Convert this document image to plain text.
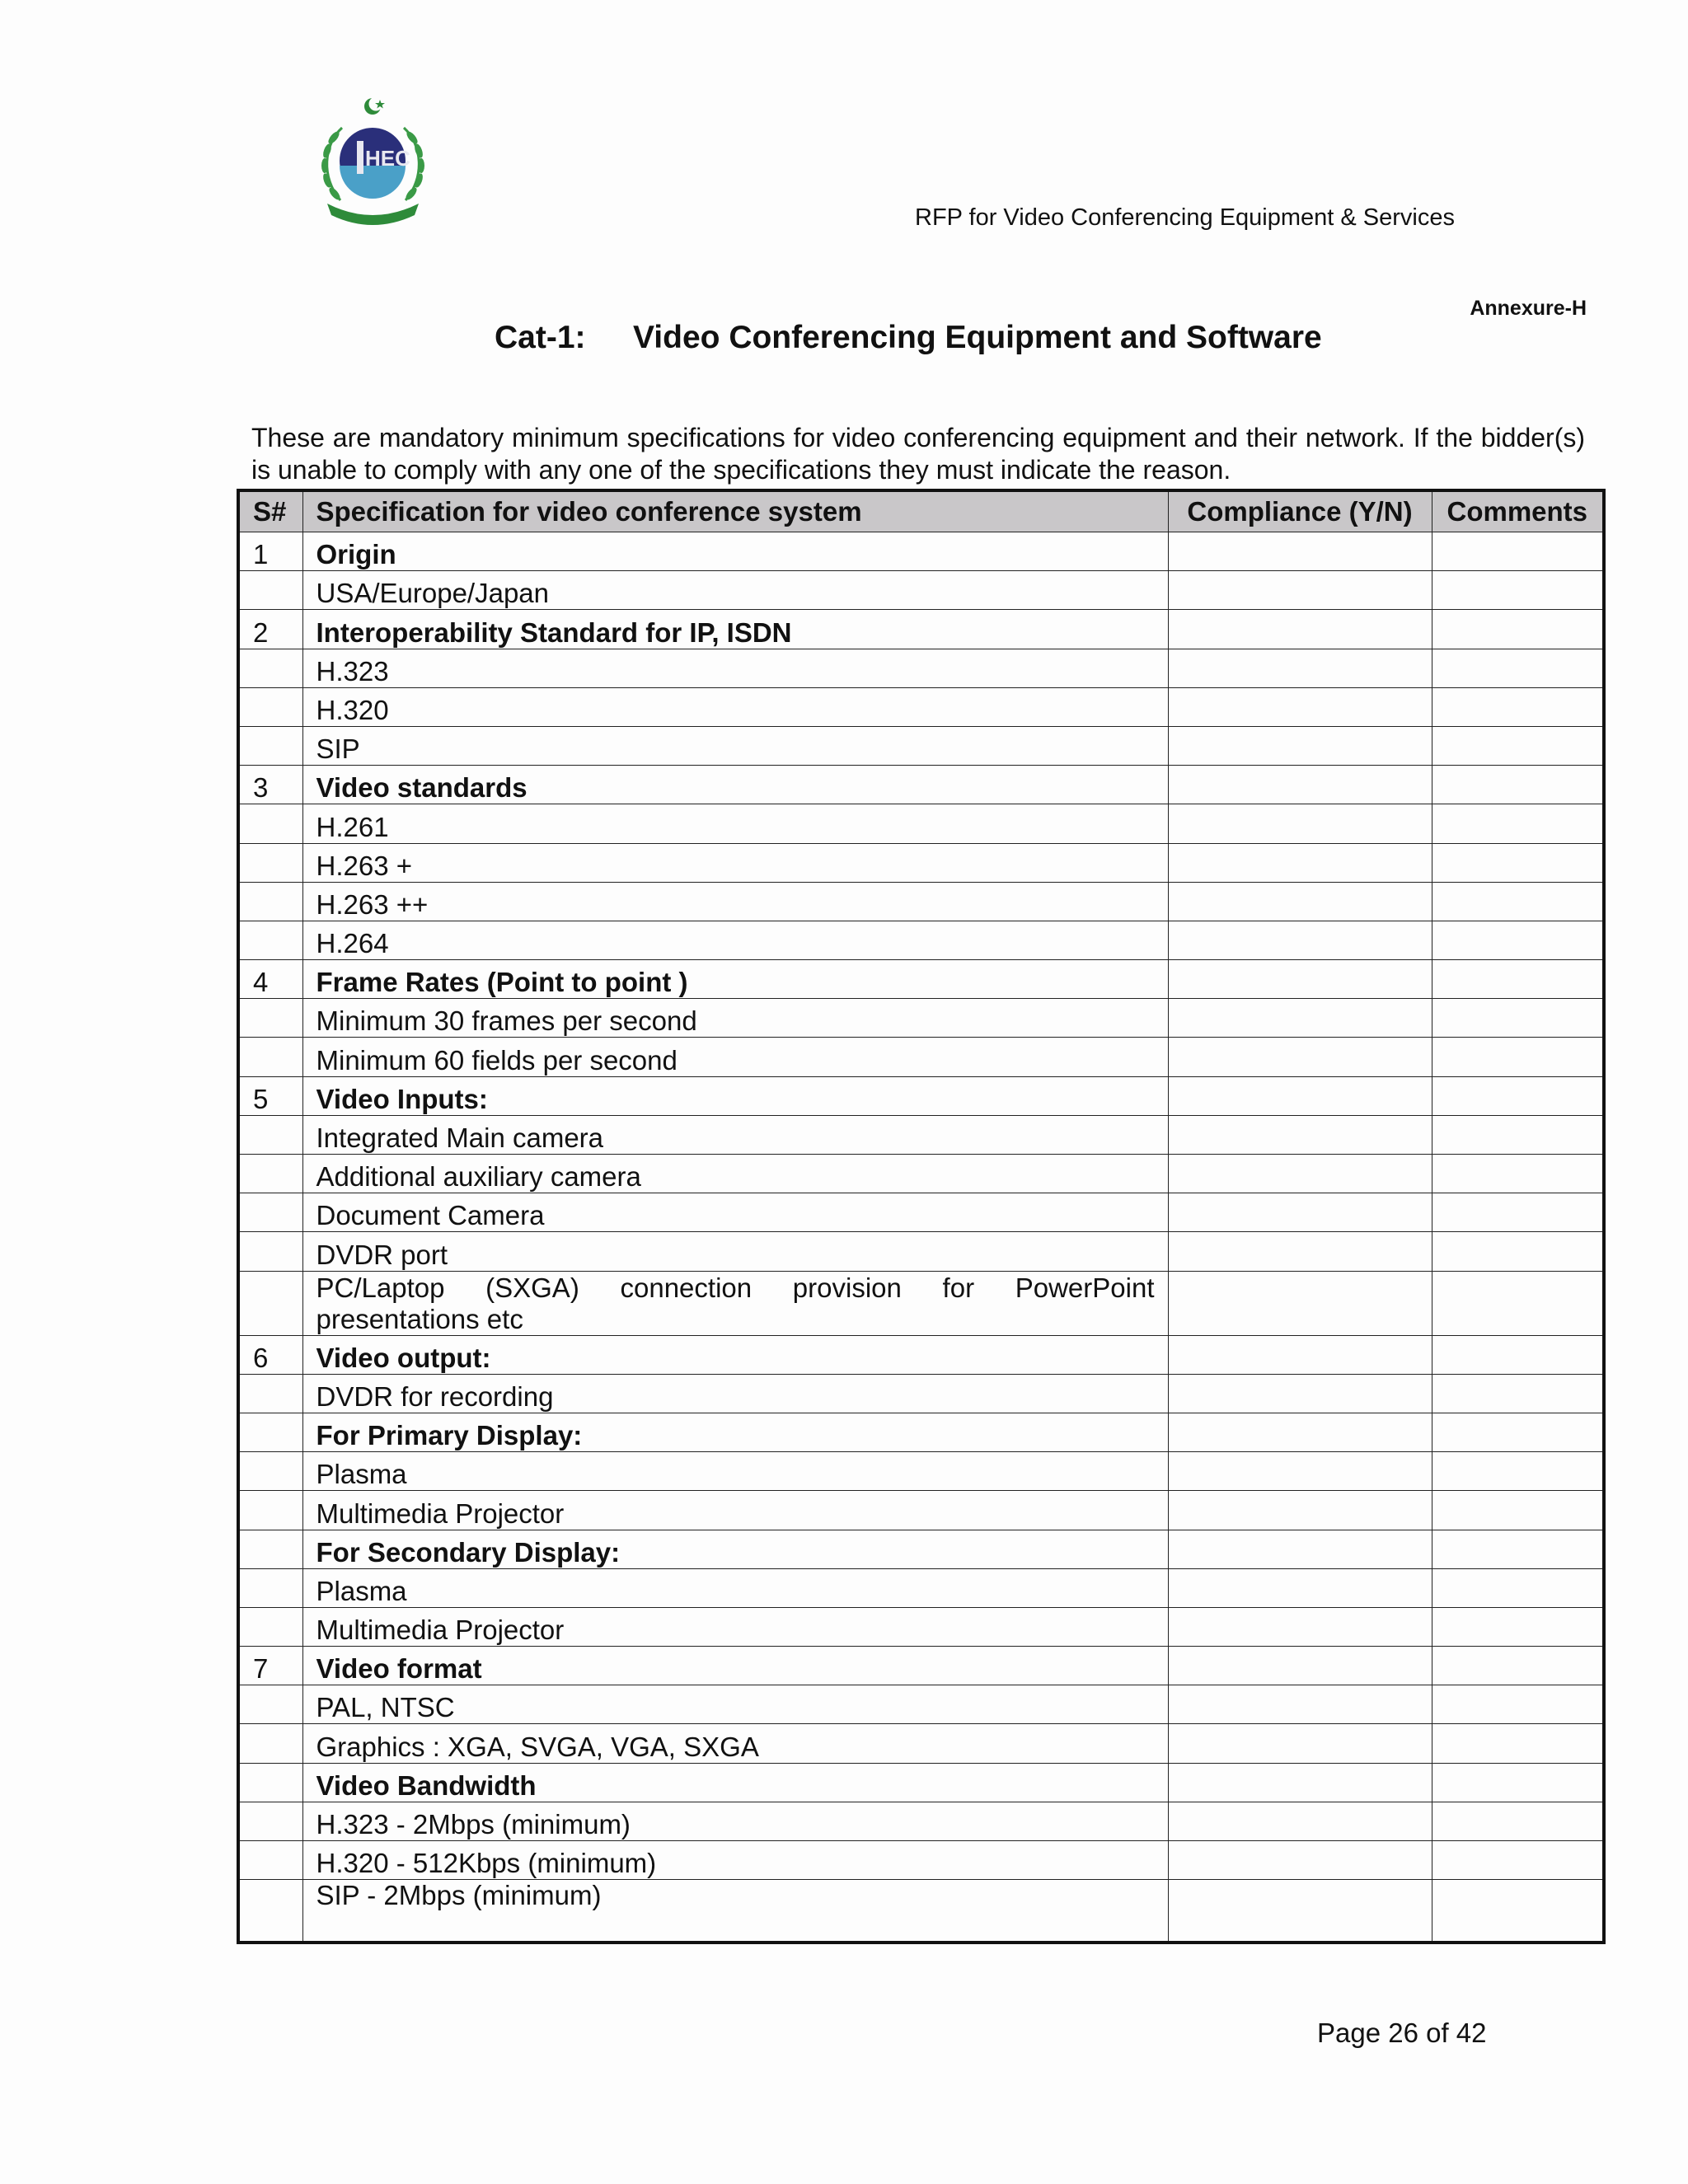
HEC
RFP for Video Conferencing Equipment & Services
Annexure-H
Cat-1: Video Conferencing Equipment and Software
These are mandatory minimum specifications for video conferencing equipment and their network. If the bidder(s) is unable to comply with any one of the specifications they must indicate the reason.
S#	Specification for video conference system	Compliance (Y/N)	Comments
1	Origin		
	USA/Europe/Japan		
2	Interoperability Standard for IP, ISDN		
	H.323		
	H.320		
	SIP		
3	Video standards		
	H.261		
	H.263 +		
	H.263 ++		
	H.264		
4	Frame Rates (Point to point )		
	Minimum 30 frames per second		
	Minimum 60 fields per second		
5	Video Inputs:		
	Integrated Main camera		
	Additional auxiliary camera		
	Document Camera		
	DVDR port		
	PC/Laptop (SXGA) connection provision for PowerPoint presentations etc		
6	Video output:		
	DVDR for recording		
	For Primary Display:		
	Plasma		
	Multimedia Projector		
	For Secondary Display:		
	Plasma		
	Multimedia Projector		
7	Video format		
	PAL, NTSC		
	Graphics : XGA, SVGA, VGA, SXGA		
	Video Bandwidth		
	H.323 - 2Mbps (minimum)		
	H.320 - 512Kbps (minimum)		
	SIP - 2Mbps (minimum)		
Page 26 of 42
